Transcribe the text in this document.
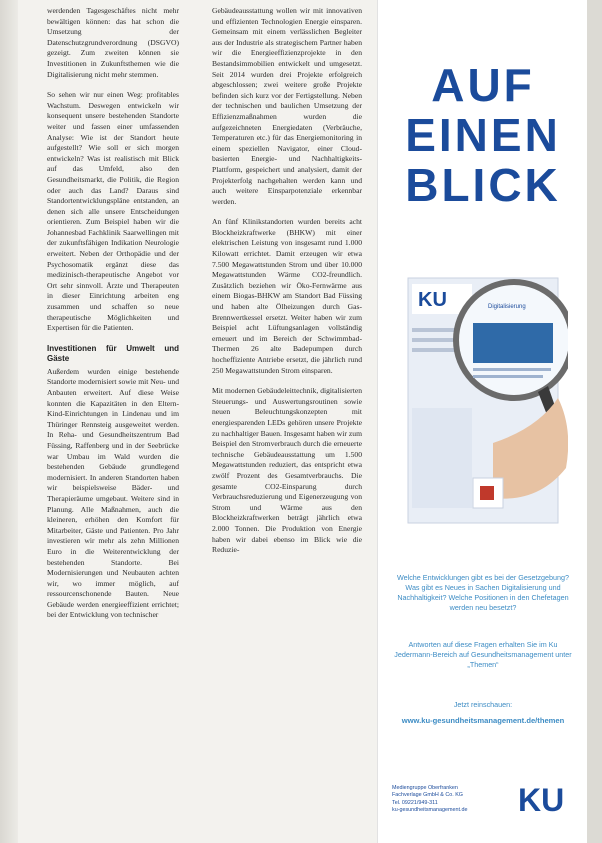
werdenden Tagesgeschäftes nicht mehr bewältigen können: das hat schon die Umsetzung der Datenschutzgrundverordnung (DSGVO) gezeigt. Zum zweiten können sie Investitionen in Zukunftsthemen wie die Digitalisierung nicht mehr stemmen.

So sehen wir nur einen Weg: profitables Wachstum. Deswegen entwickeln wir konsequent unsere bestehenden Standorte weiter und fassen einer umfassenden Analyse: Wie ist der Standort heute aufgestellt? Wie soll er sich morgen entwickeln? Was ist realistisch mit Blick auf das Umfeld, also den Gesundheitsmarkt, die Politik, die Region oder auch das Land? Daraus sind Standortentwicklungspläne entstanden, an denen sich alle unsere Entscheidungen orientieren. Zum Beispiel haben wir die Johannesbad Fachklinik Saarwellingen mit der zukunftsfähigen Indikation Neurologie erweitert. Neben der Orthopädie und der Psychosomatik ergänzt diese das medizinisch-therapeutische Angebot vor Ort sehr sinnvoll. Ärzte und Therapeuten in dieser Einrichtung arbeiten eng zusammen und schaffen so neue therapeutische Möglichkeiten und Expertisen für die Patienten.

Investitionen für Umwelt und Gäste

Außerdem wurden einige bestehende Standorte modernisiert sowie mit Neu- und Anbauten erweitert. Auf diese Weise konnten die Kapazitäten in den Eltern-Kind-Einrichtungen in Lindenau und im Thüringer Rennsteig ausgeweitet werden. In Reha- und Gesundheitszentrum Bad Füssing, Raffenberg und in der Seebrücke war Umbau im Wald wurden die bestehenden Gebäude grundlegend modernisiert. In anderen Standorten haben wir beispielsweise Bäder- und Therapieräume umgebaut. Weitere sind in Planung. Alle Maßnahmen, auch die kleineren, erhöhen den Komfort für Mitarbeiter, Gäste und Patienten. Pro Jahr investieren wir mehr als zehn Millionen Euro in die Weiterentwicklung der bestehenden Standorte. Bei Modernisierungen und Neubauten achten wir, wo immer möglich, auf ressourcenschonende Bauten. Neue Gebäude werden energieeffizient errichtet; bei der Entwicklung von technischer

Gebäudeausstattung wollen wir mit innovativen und effizienten Technologien Energie einsparen. Gemeinsam mit einem verlässlichen Begleiter aus der Industrie als strategischem Partner haben wir die Energieeffizienzprojekte in den Bestandsimmobilien entwickelt und umgesetzt. Seit 2014 wurden drei Projekte erfolgreich abgeschlossen; zwei weitere große Projekte befinden sich kurz vor der Fertigstellung. Neben der technischen und baulichen Umsetzung der Effizienzmaßnahmen wurden die aufgezeichneten Energiedaten (Verbräuche, Temperaturen etc.) für das Energiemonitoring in einem speziellen Navigator, einer Cloud-basierten Energie- und Nachhaltigkeits-Plattform, gespeichert und analysiert, damit der Projekterfolg nachgehalten werden kann und auch weitere Einsparpotenziale erkennbar werden.

An fünf Klinikstandorten wurden bereits acht Blockheizkraftwerke (BHKW) mit einer elektrischen Leistung von insgesamt rund 1.000 Kilowatt errichtet. Damit erzeugen wir etwa 7.500 Megawattstunden Strom und über 10.000 Megawattstunden Wärme CO2-freundlich. Zusätzlich beziehen wir Öko-Fernwärme aus einem Biogas-BHKW am Standort Bad Füssing und haben alte Ölheizungen durch Gas-Brennwertkessel ersetzt. Weiter haben wir zum Beispiel acht Lüftungsanlagen vollständig erneuert und im Bereich der Schwimmbad-Thermen 26 alte Badepumpen durch hocheffiziente Antriebe ersetzt, die jährlich rund 250 Megawattstunden Strom einsparen.

Mit modernen Gebäudeleittechnik, digitalisierten Steuerungs- und Auswertungsroutinen sowie neuen Beleuchtungskonzepten mit energiesparenden LEDs gehören unsere Projekte zu nachhaltiger Bauen. Insgesamt haben wir zum Beispiel den Stromverbrauch durch die erneuerte technische Gebäudeausstattung um 1.500 Megawattstunden reduziert, das entspricht etwa zwölf Prozent des Gesamtverbrauchs. Die gesamte CO2-Einsparung durch Verbrauchsreduzierung und Eigenerzeugung von Strom und Wärme aus den Blockheizkraftwerken beträgt jährlich etwa 2.000 Tonnen. Die Produktion von Energie haben wir dabei ebenso im Blick wie die Reduzie-

AUF
EINEN
BLICK
KU	Digitalisierung
Welche Entwicklungen gibt es bei der Gesetzgebung? Was gibt es Neues in Sachen Digitalisierung und Nachhaltigkeit? Welche Positionen in den Chefetagen werden neu besetzt?
Antworten auf diese Fragen erhalten Sie im Ku Jedermann-Bereich auf Gesundheitsmanagement unter „Themen“
Jetzt reinschauen:
www.ku-gesundheitsmanagement.de/themen
Mediengruppe Oberfranken
Fachverlage GmbH & Co. KG
Tel. 09221/949-311
ku-gesundheitsmanagement.de KU
